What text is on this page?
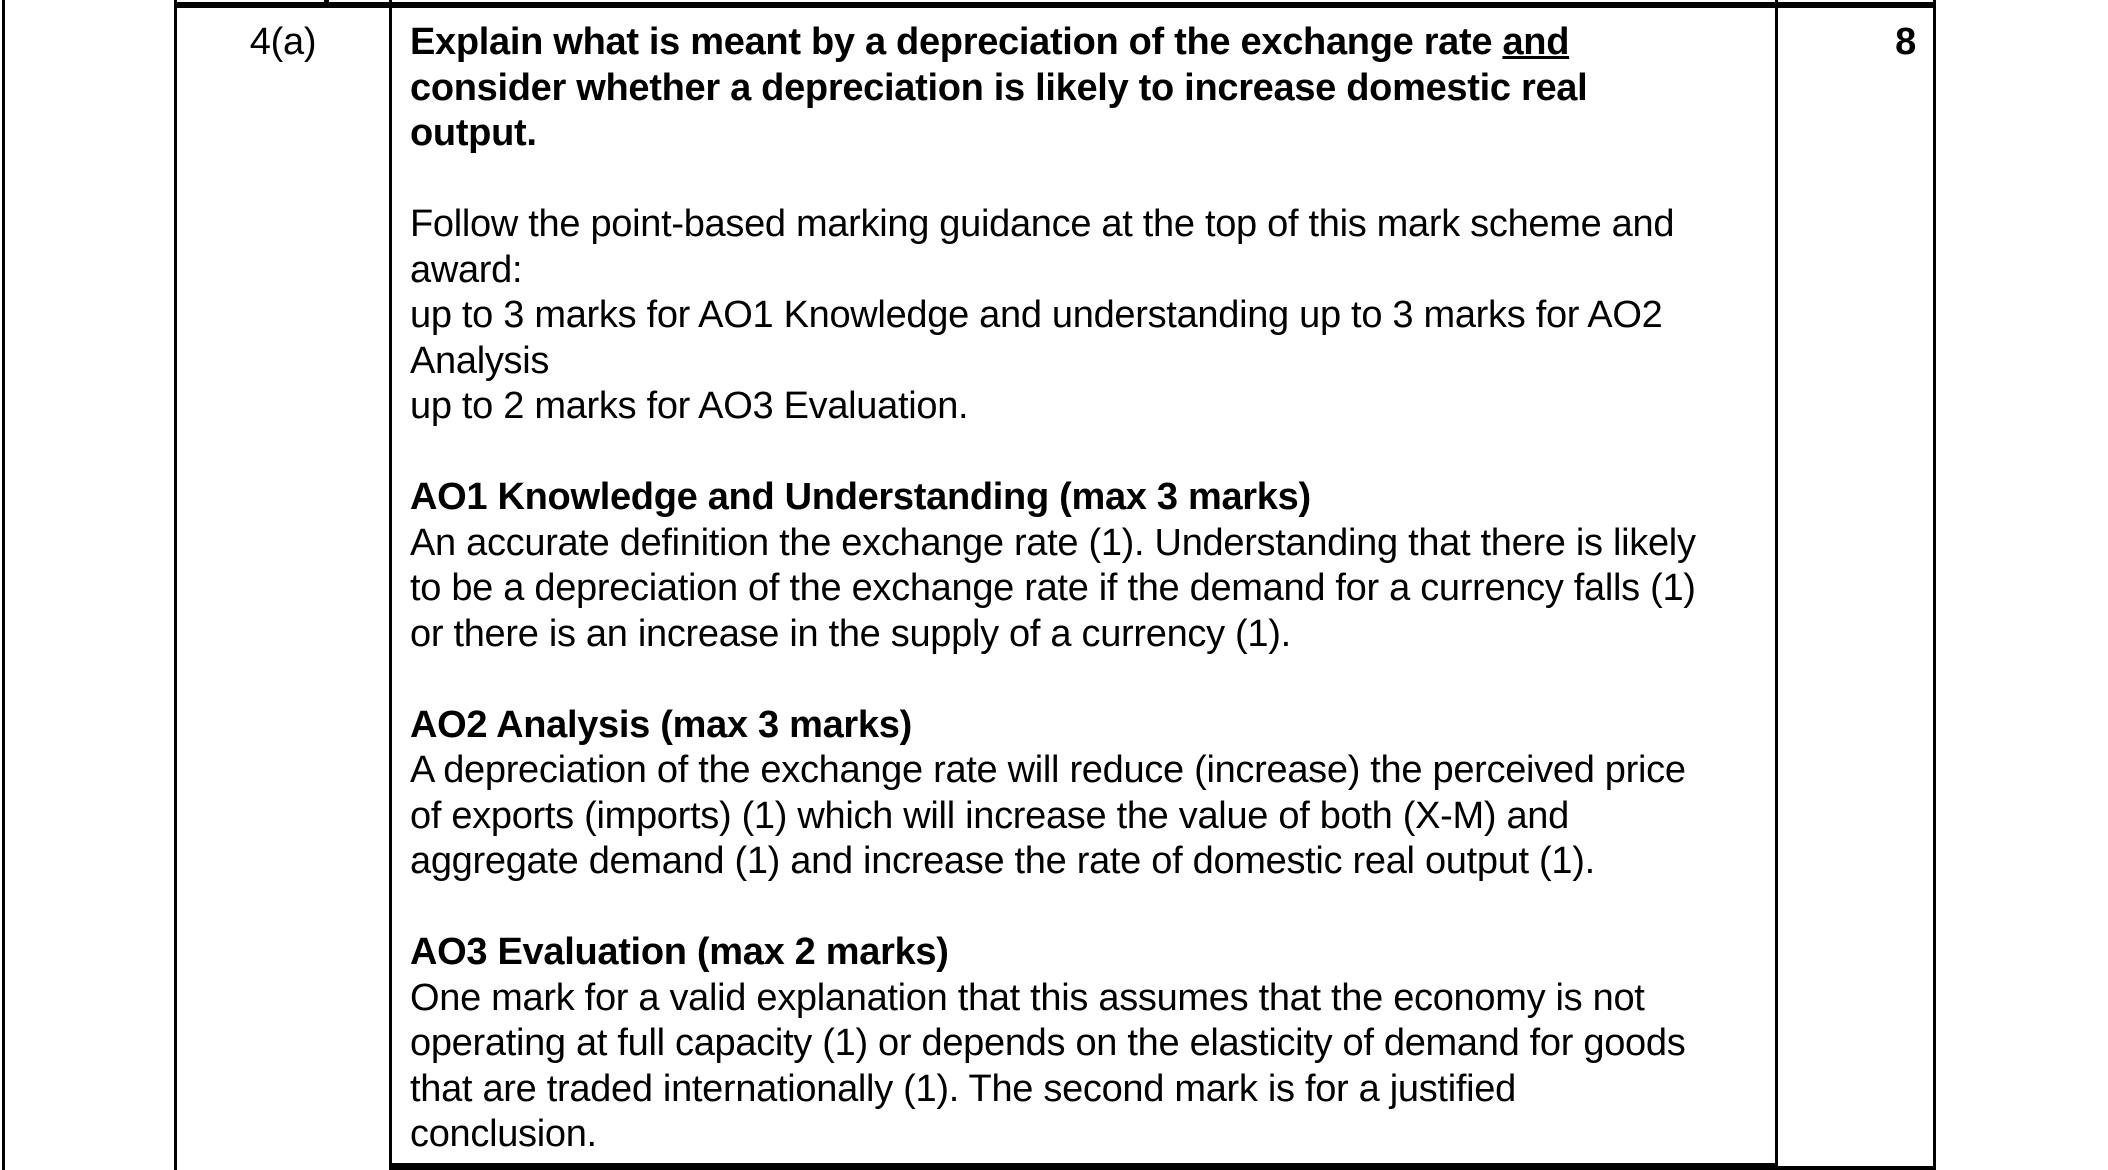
4(a)	Explain what is meant by a depreciation of the exchange rate and
consider whether a depreciation is likely to increase domestic real
output.
Follow the point-based marking guidance at the top of this mark scheme and
award:
up to 3 marks for AO1 Knowledge and understanding up to 3 marks for AO2
Analysis
up to 2 marks for AO3 Evaluation.
AO1 Knowledge and Understanding (max 3 marks)
An accurate definition the exchange rate (1). Understanding that there is likely
to be a depreciation of the exchange rate if the demand for a currency falls (1)
or there is an increase in the supply of a currency (1).
AO2 Analysis (max 3 marks)
A depreciation of the exchange rate will reduce (increase) the perceived price
of exports (imports) (1) which will increase the value of both (X-M) and
aggregate demand (1) and increase the rate of domestic real output (1).
AO3 Evaluation (max 2 marks)
One mark for a valid explanation that this assumes that the economy is not
operating at full capacity (1) or depends on the elasticity of demand for goods
that are traded internationally (1). The second mark is for a justified
conclusion.
8
